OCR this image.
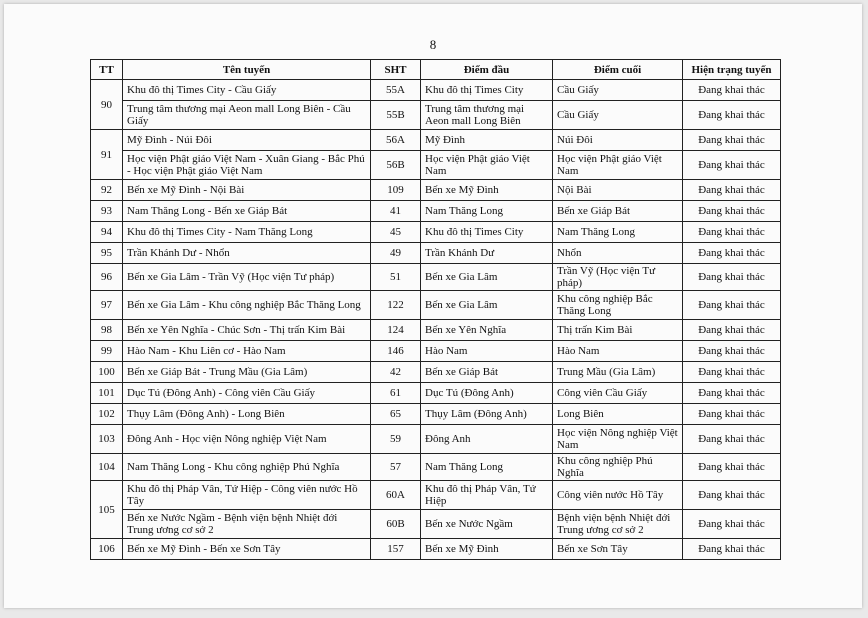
8
TT	Tên tuyến	SHT	Điểm đầu	Điểm cuối	Hiện trạng tuyến
90	Khu đô thị Times City - Cầu Giấy	55A	Khu đô thị Times City	Cầu Giấy	Đang khai thác
	Trung tâm thương mại Aeon mall Long Biên - Cầu Giấy	55B	Trung tâm thương mại Aeon mall Long Biên	Cầu Giấy	Đang khai thác
91	Mỹ Đình - Núi Đôi	56A	Mỹ Đình	Núi Đôi	Đang khai thác
	Học viện Phật giáo Việt Nam - Xuân Giang - Bắc Phú - Học viện Phật giáo Việt Nam	56B	Học viện Phật giáo Việt Nam	Học viện Phật giáo Việt Nam	Đang khai thác
92	Bến xe Mỹ Đình - Nội Bài	109	Bến xe Mỹ Đình	Nội Bài	Đang khai thác
93	Nam Thăng Long - Bến xe Giáp Bát	41	Nam Thăng Long	Bến xe Giáp Bát	Đang khai thác
94	Khu đô thị Times City - Nam Thăng Long	45	Khu đô thị Times City	Nam Thăng Long	Đang khai thác
95	Trần Khánh Dư - Nhổn	49	Trần Khánh Dư	Nhổn	Đang khai thác
96	Bến xe Gia Lâm - Trần Vỹ (Học viện Tư pháp)	51	Bến xe Gia Lâm	Trần Vỹ (Học viện Tư pháp)	Đang khai thác
97	Bến xe Gia Lâm - Khu công nghiệp Bắc Thăng Long	122	Bến xe Gia Lâm	Khu công nghiệp Bắc Thăng Long	Đang khai thác
98	Bến xe Yên Nghĩa - Chúc Sơn - Thị trấn Kim Bài	124	Bến xe Yên Nghĩa	Thị trấn Kim Bài	Đang khai thác
99	Hào Nam - Khu Liên cơ - Hào Nam	146	Hào Nam	Hào Nam	Đang khai thác
100	Bến xe Giáp Bát - Trung Mầu (Gia Lâm)	42	Bến xe Giáp Bát	Trung Mầu (Gia Lâm)	Đang khai thác
101	Dục Tú (Đông Anh) - Công viên Cầu Giấy	61	Dục Tú (Đông Anh)	Công viên Cầu Giấy	Đang khai thác
102	Thụy Lâm (Đông Anh) - Long Biên	65	Thụy Lâm (Đông Anh)	Long Biên	Đang khai thác
103	Đông Anh - Học viện Nông nghiệp Việt Nam	59	Đông Anh	Học viện Nông nghiệp Việt Nam	Đang khai thác
104	Nam Thăng Long - Khu công nghiệp Phú Nghĩa	57	Nam Thăng Long	Khu công nghiệp Phú Nghĩa	Đang khai thác
105	Khu đô thị Pháp Vân, Tứ Hiệp - Công viên nước Hồ Tây	60A	Khu đô thị Pháp Vân, Tứ Hiệp	Công viên nước Hồ Tây	Đang khai thác
	Bến xe Nước Ngầm - Bệnh viện bệnh Nhiệt đới Trung ương cơ sở 2	60B	Bến xe Nước Ngầm	Bệnh viện bệnh Nhiệt đới Trung ương cơ sở 2	Đang khai thác
106	Bến xe Mỹ Đình - Bến xe Sơn Tây	157	Bến xe Mỹ Đình	Bến xe Sơn Tây	Đang khai thác
